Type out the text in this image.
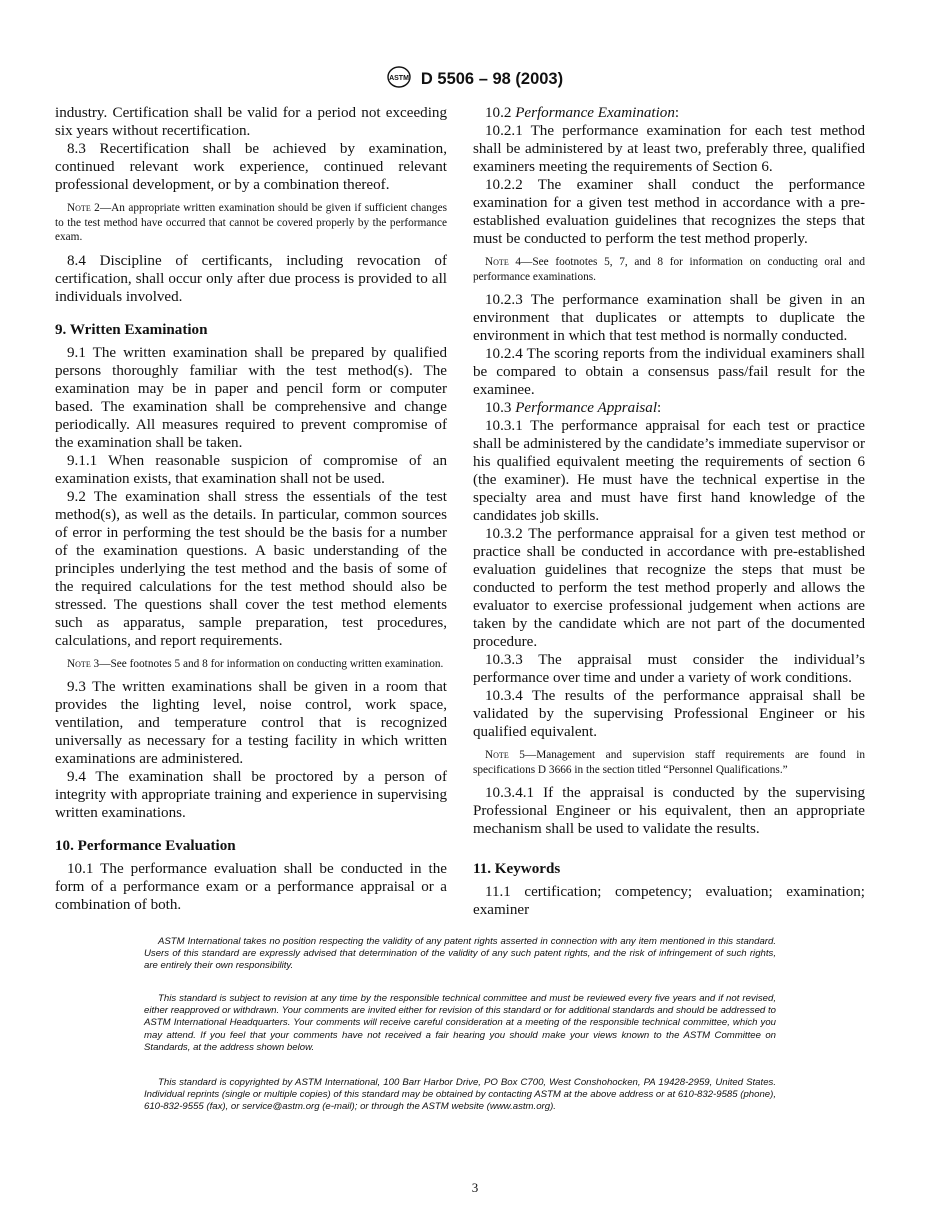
ASTM D 5506 – 98 (2003)

industry. Certification shall be valid for a period not exceeding six years without recertification.

8.3 Recertification shall be achieved by examination, continued relevant work experience, continued relevant professional development, or by a combination thereof.

Note 2—An appropriate written examination should be given if sufficient changes to the test method have occurred that cannot be covered properly by the performance exam.

8.4 Discipline of certificants, including revocation of certification, shall occur only after due process is provided to all individuals involved.

9. Written Examination

9.1 The written examination shall be prepared by qualified persons thoroughly familiar with the test method(s). The examination may be in paper and pencil form or computer based. The examination shall be comprehensive and change periodically. All measures required to prevent compromise of the examination shall be taken.

9.1.1 When reasonable suspicion of compromise of an examination exists, that examination shall not be used.

9.2 The examination shall stress the essentials of the test method(s), as well as the details. In particular, common sources of error in performing the test should be the basis for a number of the examination questions. A basic understanding of the principles underlying the test method and the basis of some of the required calculations for the test method should also be stressed. The questions shall cover the test method elements such as apparatus, sample preparation, test procedures, calculations, and report requirements.

Note 3—See footnotes 5 and 8 for information on conducting written examination.

9.3 The written examinations shall be given in a room that provides the lighting level, noise control, work space, ventilation, and temperature control that is recognized universally as necessary for a testing facility in which written examinations are administered.

9.4 The examination shall be proctored by a person of integrity with appropriate training and experience in supervising written examinations.

10. Performance Evaluation

10.1 The performance evaluation shall be conducted in the form of a performance exam or a performance appraisal or a combination of both.

10.2 Performance Examination:

10.2.1 The performance examination for each test method shall be administered by at least two, preferably three, qualified examiners meeting the requirements of Section 6.

10.2.2 The examiner shall conduct the performance examination for a given test method in accordance with a pre-established evaluation guidelines that recognizes the steps that must be conducted to perform the test method properly.

Note 4—See footnotes 5, 7, and 8 for information on conducting oral and performance examinations.

10.2.3 The performance examination shall be given in an environment that duplicates or attempts to duplicate the environment in which that test method is normally conducted.

10.2.4 The scoring reports from the individual examiners shall be compared to obtain a consensus pass/fail result for the examinee.

10.3 Performance Appraisal:

10.3.1 The performance appraisal for each test or practice shall be administered by the candidate’s immediate supervisor or his qualified equivalent meeting the requirements of section 6 (the examiner). He must have the technical expertise in the specialty area and must have first hand knowledge of the candidates job skills.

10.3.2 The performance appraisal for a given test method or practice shall be conducted in accordance with pre-established evaluation guidelines that recognize the steps that must be conducted to perform the test method properly and allows the evaluator to exercise professional judgement when actions are taken by the candidate which are not part of the documented procedure.

10.3.3 The appraisal must consider the individual’s performance over time and under a variety of work conditions.

10.3.4 The results of the performance appraisal shall be validated by the supervising Professional Engineer or his qualified equivalent.

Note 5—Management and supervision staff requirements are found in specifications D 3666 in the section titled “Personnel Qualifications.”

10.3.4.1 If the appraisal is conducted by the supervising Professional Engineer or his equivalent, then an appropriate mechanism shall be used to validate the results.

11. Keywords

11.1 certification; competency; evaluation; examination; examiner

ASTM International takes no position respecting the validity of any patent rights asserted in connection with any item mentioned in this standard. Users of this standard are expressly advised that determination of the validity of any such patent rights, and the risk of infringement of such rights, are entirely their own responsibility.

This standard is subject to revision at any time by the responsible technical committee and must be reviewed every five years and if not revised, either reapproved or withdrawn. Your comments are invited either for revision of this standard or for additional standards and should be addressed to ASTM International Headquarters. Your comments will receive careful consideration at a meeting of the responsible technical committee, which you may attend. If you feel that your comments have not received a fair hearing you should make your views known to the ASTM Committee on Standards, at the address shown below.

This standard is copyrighted by ASTM International, 100 Barr Harbor Drive, PO Box C700, West Conshohocken, PA 19428-2959, United States. Individual reprints (single or multiple copies) of this standard may be obtained by contacting ASTM at the above address or at 610-832-9585 (phone), 610-832-9555 (fax), or service@astm.org (e-mail); or through the ASTM website (www.astm.org).

3
